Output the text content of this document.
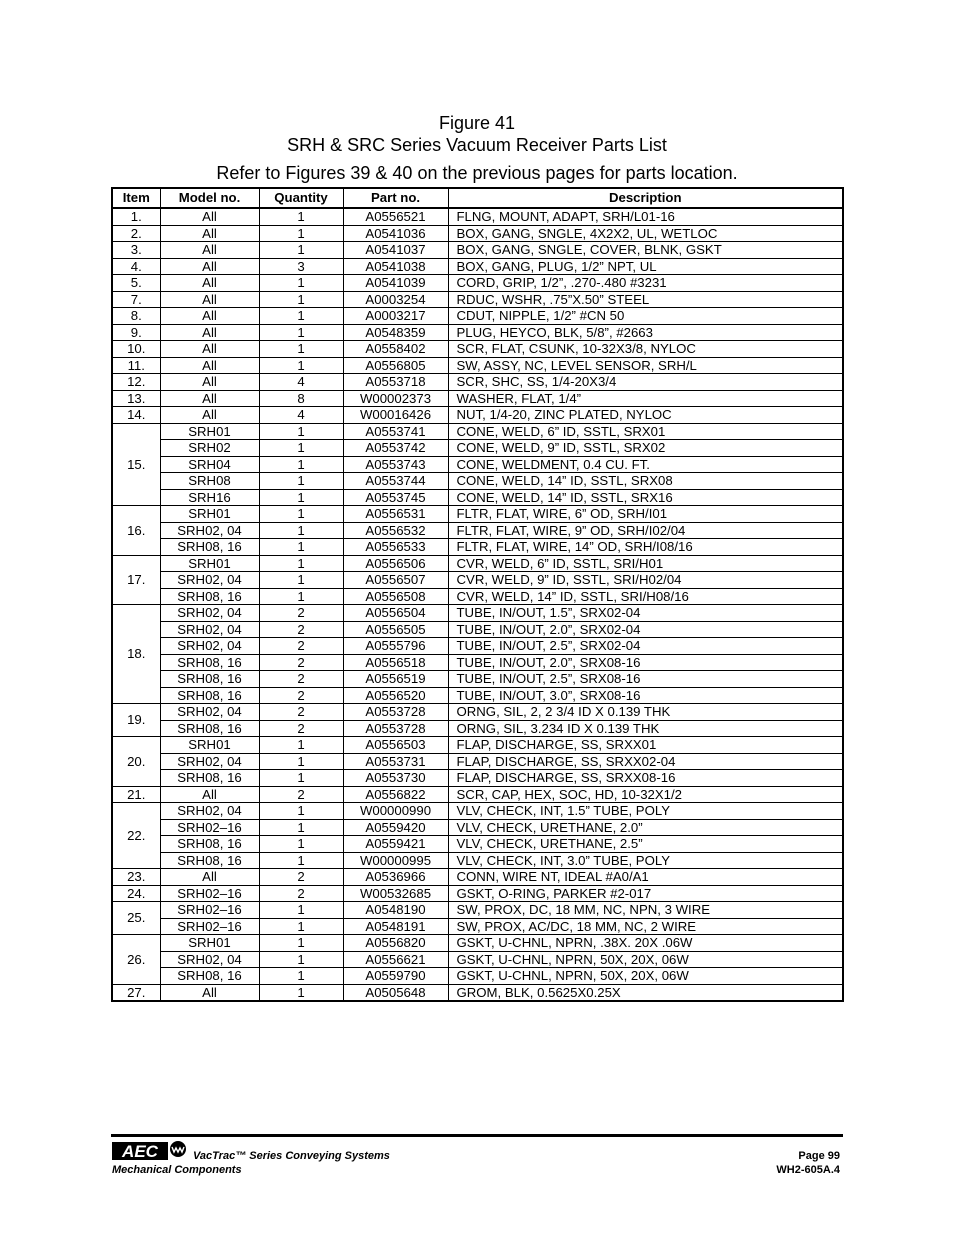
Figure 41
SRH & SRC Series Vacuum Receiver Parts List
Refer to Figures 39 & 40 on the previous pages for parts location.
Item	Model no.	Quantity	Part no.	Description
1.	All	1	A0556521	FLNG, MOUNT, ADAPT, SRH/L01-16
2.	All	1	A0541036	BOX, GANG, SNGLE, 4X2X2, UL, WETLOC
3.	All	1	A0541037	BOX, GANG, SNGLE, COVER, BLNK, GSKT
4.	All	3	A0541038	BOX, GANG, PLUG, 1/2” NPT, UL
5.	All	1	A0541039	CORD, GRIP, 1/2”, .270-.480 #3231
7.	All	1	A0003254	RDUC, WSHR, .75”X.50” STEEL
8.	All	1	A0003217	CDUT, NIPPLE, 1/2” #CN 50
9.	All	1	A0548359	PLUG, HEYCO, BLK, 5/8”, #2663
10.	All	1	A0558402	SCR, FLAT, CSUNK, 10-32X3/8, NYLOC
11.	All	1	A0556805	SW, ASSY, NC, LEVEL SENSOR, SRH/L
12.	All	4	A0553718	SCR, SHC, SS, 1/4-20X3/4
13.	All	8	W00002373	WASHER, FLAT, 1/4”
14.	All	4	W00016426	NUT, 1/4-20, ZINC PLATED, NYLOC
15.	SRH01	1	A0553741	CONE, WELD, 6” ID, SSTL, SRX01
	SRH02	1	A0553742	CONE, WELD, 9” ID, SSTL, SRX02
	SRH04	1	A0553743	CONE, WELDMENT, 0.4 CU. FT.
	SRH08	1	A0553744	CONE, WELD, 14” ID, SSTL, SRX08
	SRH16	1	A0553745	CONE, WELD, 14” ID, SSTL, SRX16
16.	SRH01	1	A0556531	FLTR, FLAT, WIRE, 6” OD, SRH/I01
	SRH02, 04	1	A0556532	FLTR, FLAT, WIRE, 9” OD, SRH/I02/04
	SRH08, 16	1	A0556533	FLTR, FLAT, WIRE, 14” OD, SRH/I08/16
17.	SRH01	1	A0556506	CVR, WELD, 6” ID, SSTL, SRI/H01
	SRH02, 04	1	A0556507	CVR, WELD, 9” ID, SSTL, SRI/H02/04
	SRH08, 16	1	A0556508	CVR, WELD, 14” ID, SSTL, SRI/H08/16
18.	SRH02, 04	2	A0556504	TUBE, IN/OUT, 1.5”, SRX02-04
	SRH02, 04	2	A0556505	TUBE, IN/OUT, 2.0”, SRX02-04
	SRH02, 04	2	A0555796	TUBE, IN/OUT, 2.5”, SRX02-04
	SRH08, 16	2	A0556518	TUBE, IN/OUT, 2.0”, SRX08-16
	SRH08, 16	2	A0556519	TUBE, IN/OUT, 2.5”, SRX08-16
	SRH08, 16	2	A0556520	TUBE, IN/OUT, 3.0”, SRX08-16
19.	SRH02, 04	2	A0553728	ORNG, SIL, 2, 2 3/4 ID X 0.139 THK
	SRH08, 16	2	A0553728	ORNG, SIL, 3.234 ID X 0.139 THK
20.	SRH01	1	A0556503	FLAP, DISCHARGE, SS, SRXX01
	SRH02, 04	1	A0553731	FLAP, DISCHARGE, SS, SRXX02-04
	SRH08, 16	1	A0553730	FLAP, DISCHARGE, SS, SRXX08-16
21.	All	2	A0556822	SCR, CAP, HEX, SOC, HD, 10-32X1/2
22.	SRH02, 04	1	W00000990	VLV, CHECK, INT, 1.5” TUBE, POLY
	SRH02–16	1	A0559420	VLV, CHECK, URETHANE, 2.0”
	SRH08, 16	1	A0559421	VLV, CHECK, URETHANE, 2.5”
	SRH08, 16	1	W00000995	VLV, CHECK, INT, 3.0” TUBE, POLY
23.	All	2	A0536966	CONN, WIRE NT, IDEAL #A0/A1
24.	SRH02–16	2	W00532685	GSKT, O-RING, PARKER #2-017
25.	SRH02–16	1	A0548190	SW, PROX, DC, 18 MM, NC, NPN, 3 WIRE
	SRH02–16	1	A0548191	SW, PROX, AC/DC, 18 MM, NC, 2 WIRE
26.	SRH01	1	A0556820	GSKT, U-CHNL, NPRN, .38X. 20X .06W
	SRH02, 04	1	A0556621	GSKT, U-CHNL, NPRN, 50X, 20X, 06W
	SRH08, 16	1	A0559790	GSKT, U-CHNL, NPRN, 50X, 20X, 06W
27.	All	1	A0505648	GROM, BLK, 0.5625X0.25X
AEC	VacTrac™ Series Conveying Systems
Mechanical Components
Page 99
WH2-605A.4
